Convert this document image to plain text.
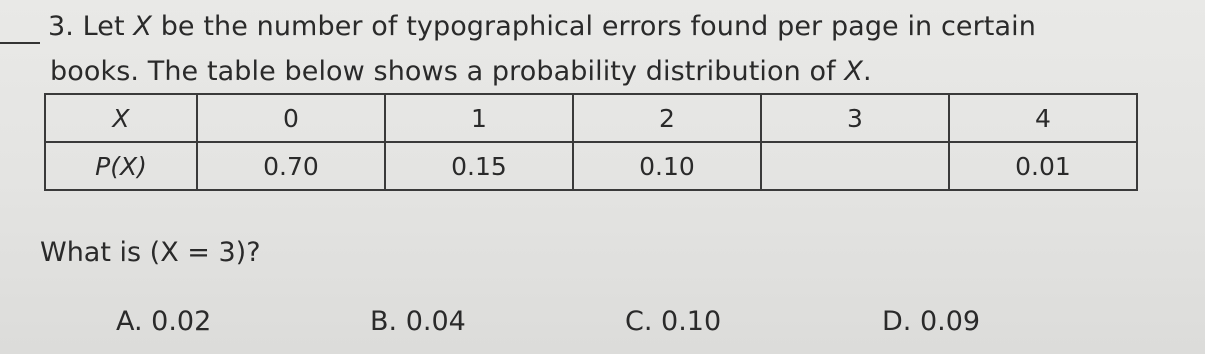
3. Let X be the number of typographical errors found per page in certain
books. The table below shows a probability distribution of X.
X	0	1	2	3	4
P(X)	0.70	0.15	0.10		0.01
What is (X = 3)?
A. 0.02	B. 0.04	C. 0.10	D. 0.09
